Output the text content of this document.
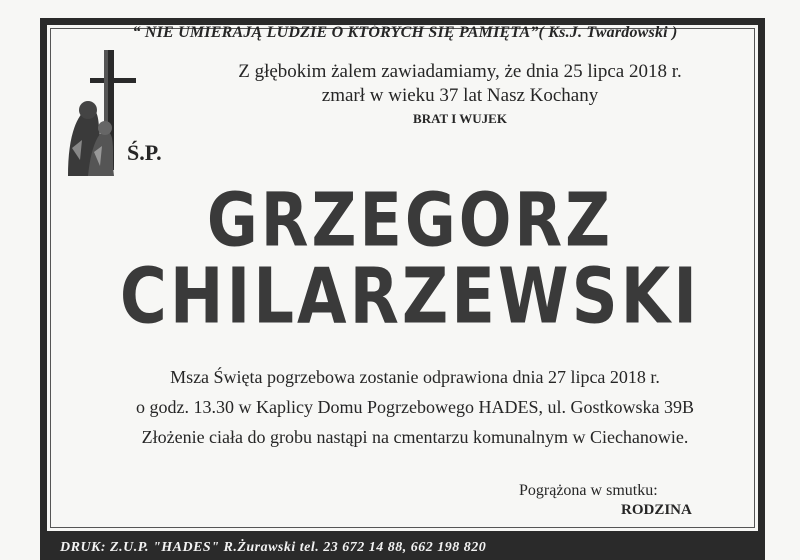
“ NIE UMIERAJĄ LUDZIE O KTÓRYCH SIĘ PAMIĘTA”( Ks.J. Twardowski )
Z głębokim żalem zawiadamiamy, że dnia 25 lipca 2018 r.
zmarł w wieku 37 lat Nasz Kochany
BRAT I WUJEK
Ś.P.
GRZEGORZ
CHILARZEWSKI
Msza Święta pogrzebowa zostanie odprawiona dnia 27 lipca 2018 r.
o godz. 13.30 w Kaplicy Domu Pogrzebowego HADES, ul. Gostkowska 39B
Złożenie ciała do grobu nastąpi na cmentarzu komunalnym w Ciechanowie.
Pogrążona w smutku:
RODZINA
DRUK: Z.U.P. "HADES" R.Żurawski tel. 23 672 14 88, 662 198 820
